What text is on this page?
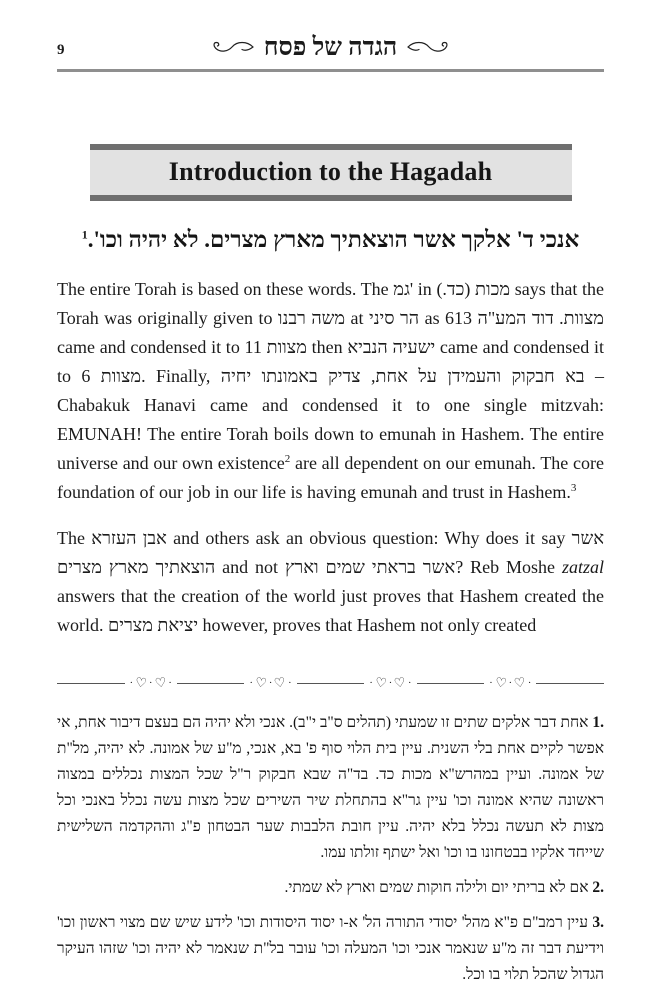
9	הגדה של פסח
Introduction to the Hagadah
אנכי ד' אלקך אשר הוצאתיך מארץ מצרים. לא יהיה וכו'.$^1$

The entire Torah is based on these words. The גמ' in מכות (כד.) says that the Torah was originally given to משה רבנו at הר סיני as 613 מצוות. דוד המע"ה came and condensed it to 11 מצוות then ישעיה הנביא came and condensed it to 6 מצוות. Finally, בא חבקוק והעמידן על אחת, צדיק באמונתו יחיה – Chabakuk Hanavi came and condensed it to one single mitzvah: EMUNAH! The entire Torah boils down to emunah in Hashem. The entire universe and our own existence$^2$ are all dependent on our emunah. The core foundation of our job in our life is having emunah and trust in Hashem.$^3$

The אבן העזרא and others ask an obvious question: Why does it say אשר הוצאתיך מארץ מצרים and not אשר בראתי שמים וארץ? Reb Moshe zatzal answers that the creation of the world just proves that Hashem created the world. יציאת מצרים however, proves that Hashem not only created

· ♡ · ♡ ·	· ♡ · ♡ ·	· ♡ · ♡ ·	· ♡ · ♡ ·

1. אחת דבר אלקים שתים זו שמעתי (תהלים ס"ב י"ב). אנכי ולא יהיה הם בעצם דיבור אחת, אי אפשר לקיים אחת בלי השנית. עיין בית הלוי סוף פ' בא, אנכי, מ"ע של אמונה. לא יהיה, מל"ת של אמונה. ועיין במהרש"א מכות כד. בד"ה שבא חבקוק ר"ל שכל המצות נכללים במצוה ראשונה שהיא אמונה וכו' עיין גר"א בהתחלת שיר השירים שכל מצות עשה נכלל באנכי וכל מצות לא תעשה נכלל בלא יהיה. עיין חובת הלבבות שער הבטחון פ"ג וההקדמה השלישית שייחד אלקיו בבטחונו בו וכו' ואל ישתף זולתו עמו.

2. אם לא בריתי יום ולילה חוקות שמים וארץ לא שמתי.

3. עיין רמב"ם פ"א מהל' יסודי התורה הל' א-ו יסוד היסודות וכו' לידע שיש שם מצוי ראשון וכו' וידיעת דבר זה מ"ע שנאמר אנכי וכו' המעלה וכו' עובר בל"ת שנאמר לא יהיה וכו' שזהו העיקר הגדול שהכל תלוי בו וכל.
